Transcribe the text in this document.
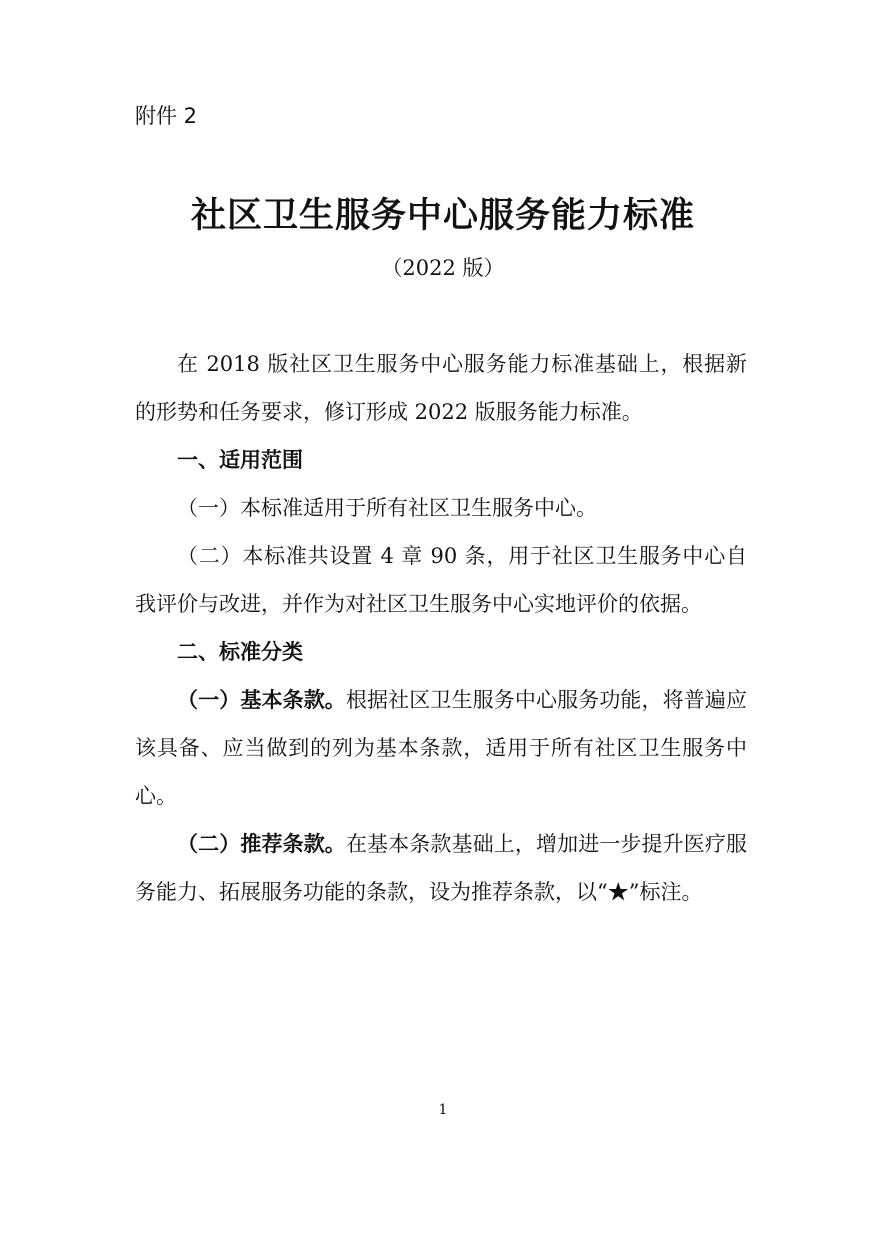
附件 2
社区卫生服务中心服务能力标准
（2022 版）

在 2018 版社区卫生服务中心服务能力标准基础上，根据新的形势和任务要求，修订形成 2022 版服务能力标准。

一、适用范围

（一）本标准适用于所有社区卫生服务中心。

（二）本标准共设置 4 章 90 条，用于社区卫生服务中心自我评价与改进，并作为对社区卫生服务中心实地评价的依据。

二、标准分类

（一）基本条款。根据社区卫生服务中心服务功能，将普遍应该具备、应当做到的列为基本条款，适用于所有社区卫生服务中心。

（二）推荐条款。在基本条款基础上，增加进一步提升医疗服务能力、拓展服务功能的条款，设为推荐条款，以“★”标注。

1
